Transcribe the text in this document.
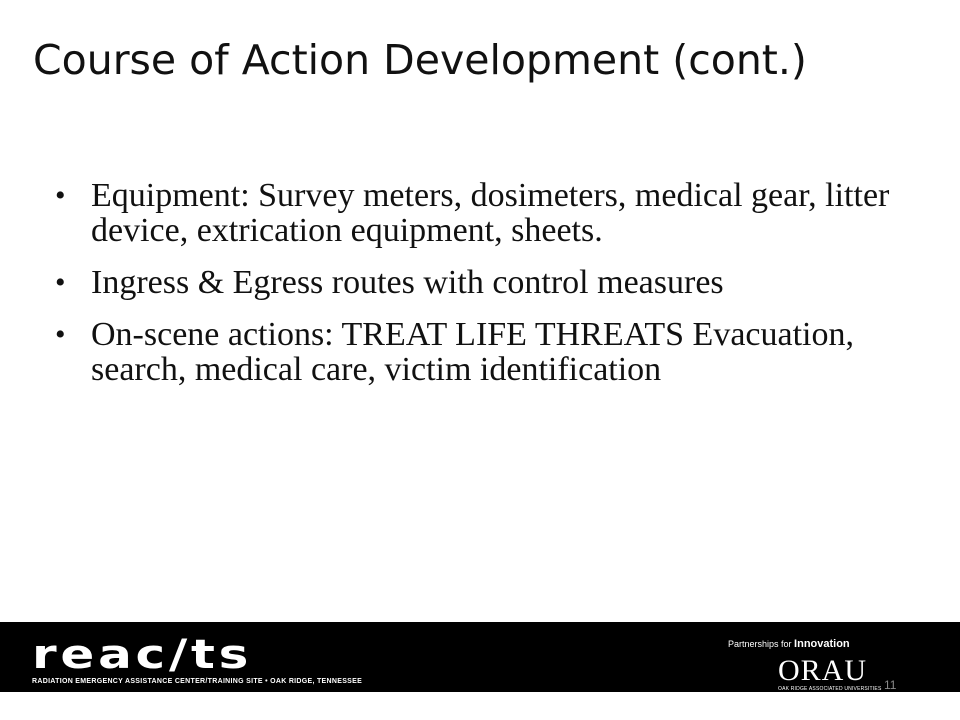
Course of Action Development (cont.)
• Equipment: Survey meters, dosimeters, medical gear, litter device, extrication equipment, sheets.
• Ingress & Egress routes with control measures
• On-scene actions: TREAT LIFE THREATS Evacuation, search, medical care, victim identification
reac/ts
RADIATION EMERGENCY ASSISTANCE CENTER/TRAINING SITE • OAK RIDGE, TENNESSEE
Partnerships for Innovation
ORAU
OAK RIDGE ASSOCIATED UNIVERSITIES 11
